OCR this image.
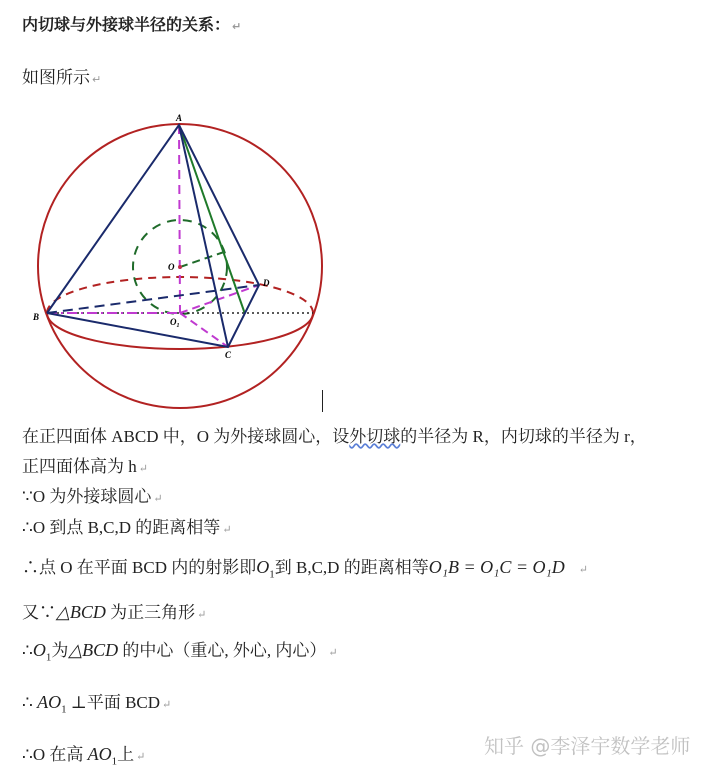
内切球与外接球半径的关系： ↵
如图所示 ↵
A
B
C
D
O
$O_1$
在正四面体 ABCD 中，O 为外接球圆心，设外切球的半径为 R，内切球的半径为 r，
正四面体高为 h ↵
∵O 为外接球圆心 ↵
∴O 到点 B,C,D 的距离相等 ↵
∴点 O 在平面 BCD 内的射影即$O_1$到 B,C,D 的距离相等O₁B = O₁C = O₁D ↵
又∵△BCD 为正三角形 ↵
$\therefore O_1$为△BCD 的中心（重心, 外心, 内心） ↵
∴ $AO_1$ ⊥平面 BCD ↵
∴O 在高 $AO_1$上 ↵	知乎 @李泽宇数学老师
